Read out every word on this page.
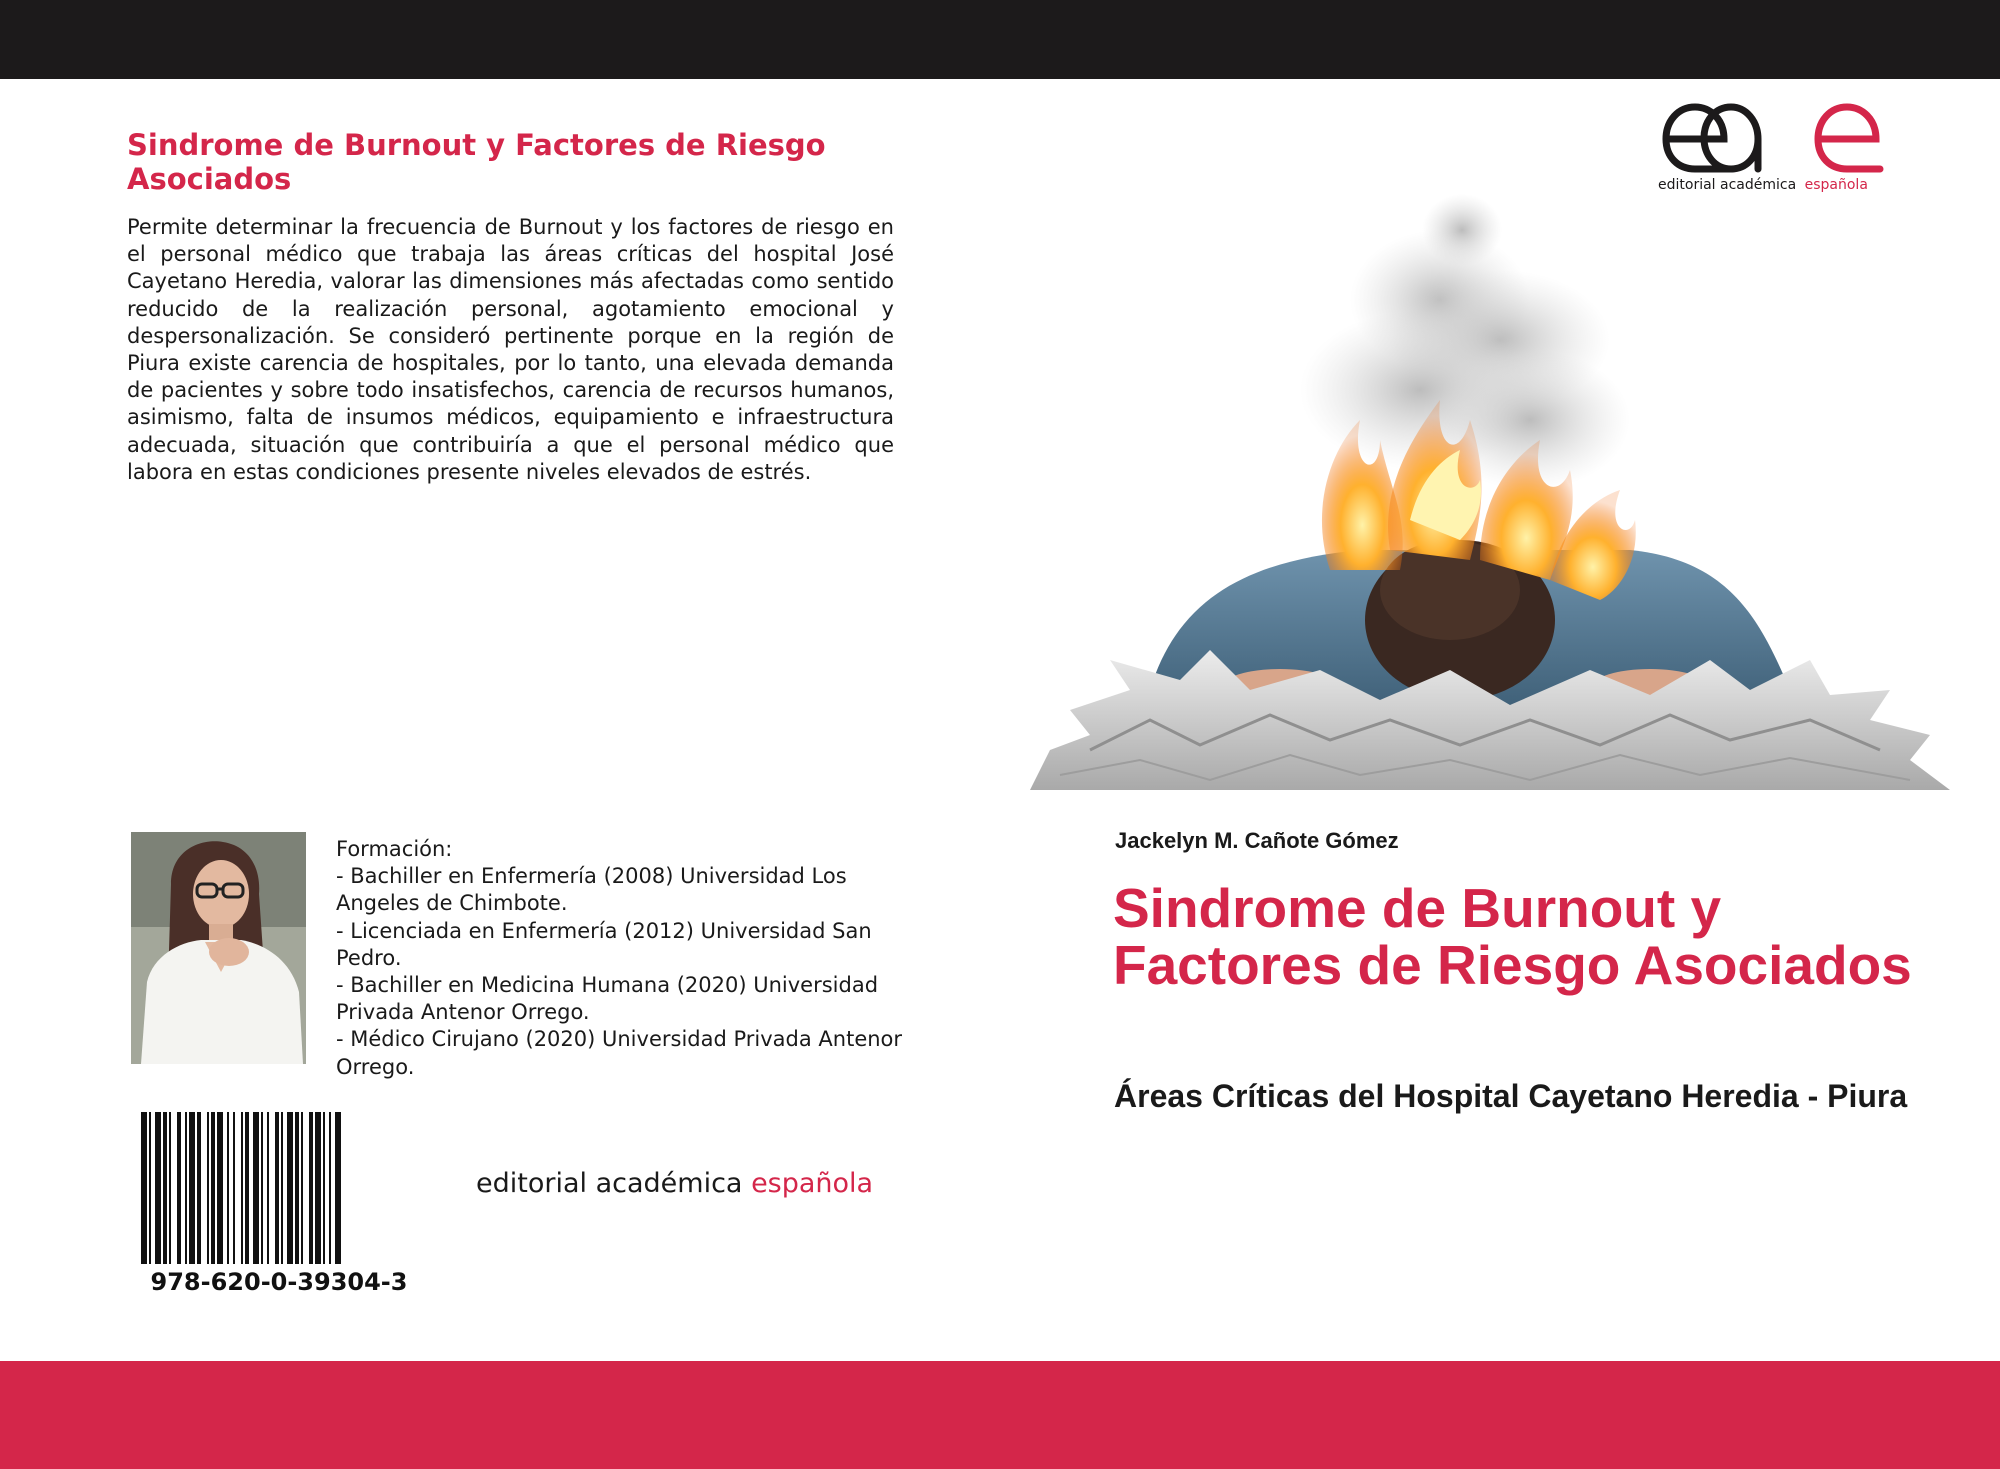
Sindrome de Burnout y Factores de Riesgo Asociados

Permite determinar la frecuencia de Burnout y los factores de riesgo en el personal médico que trabaja las áreas críticas del hospital José Cayetano Heredia, valorar las dimensiones más afectadas como sentido reducido de la realización personal, agotamiento emocional y despersonalización. Se consideró pertinente porque en la región de Piura existe carencia de hospitales, por lo tanto, una elevada demanda de pacientes y sobre todo insatisfechos, carencia de recursos humanos, asimismo, falta de insumos médicos, equipamiento e infraestructura adecuada, situación que contribuiría a que el personal médico que labora en estas condiciones presente niveles elevados de estrés.

Formación:
- Bachiller en Enfermería (2008) Universidad Los Angeles de Chimbote.
- Licenciada en Enfermería (2012) Universidad San Pedro.
- Bachiller en Medicina Humana (2020) Universidad Privada Antenor Orrego.
- Médico Cirujano (2020) Universidad Privada Antenor Orrego.
978-620-0-39304-3
editorial académica española
editorial académica española
Jackelyn M. Cañote Gómez
Sindrome de Burnout y Factores de Riesgo Asociados
Áreas Críticas del Hospital Cayetano Heredia - Piura
